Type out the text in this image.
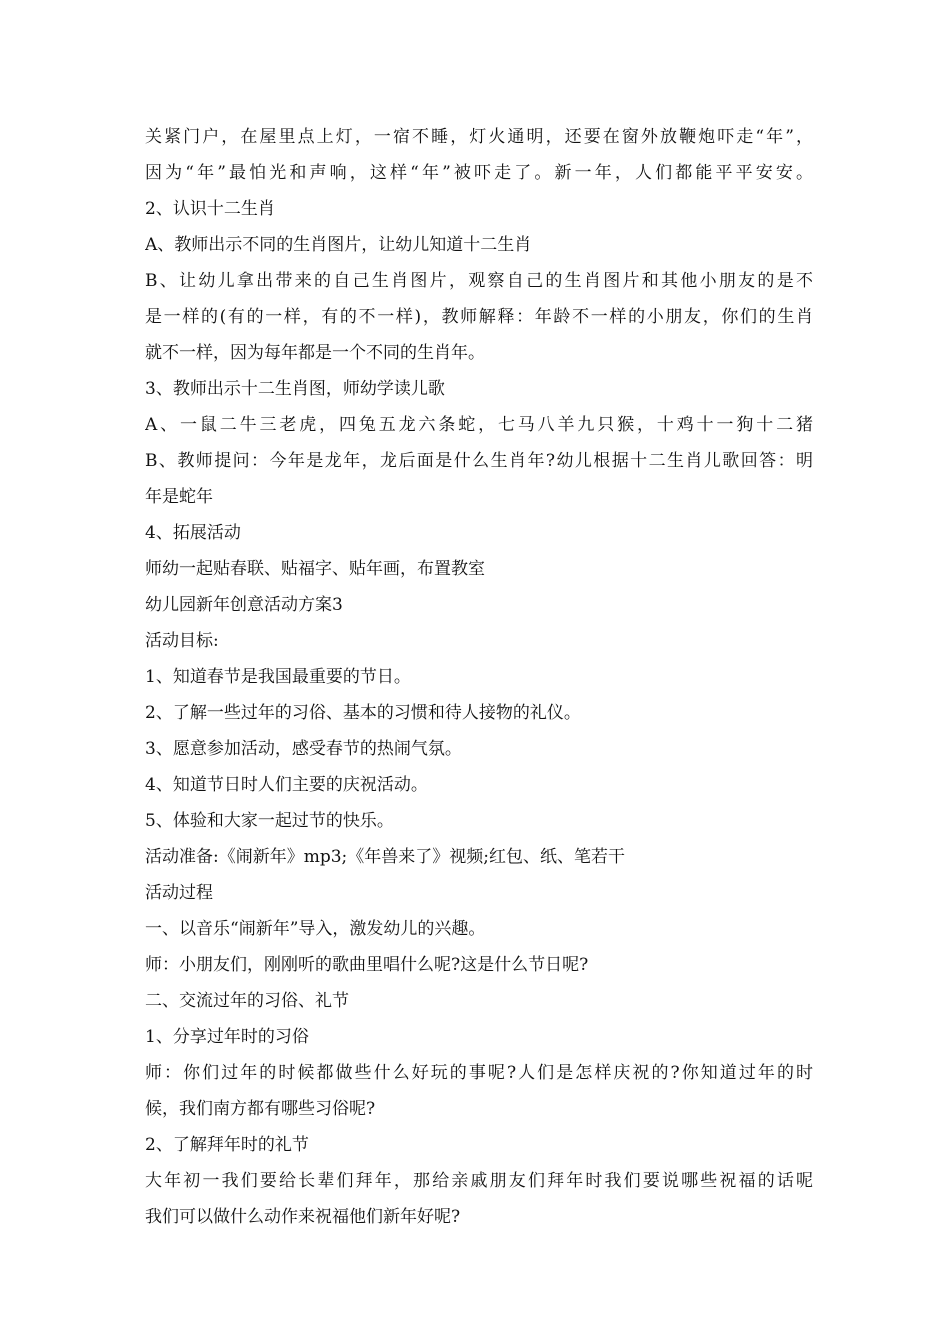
关紧门户，在屋里点上灯，一宿不睡，灯火通明，还要在窗外放鞭炮吓走“年”，
因为“年”最怕光和声响，这样“年”被吓走了。新一年，人们都能平平安安。
2、认识十二生肖
A、教师出示不同的生肖图片，让幼儿知道十二生肖
B、让幼儿拿出带来的自己生肖图片，观察自己的生肖图片和其他小朋友的是不
是一样的(有的一样，有的不一样)，教师解释：年龄不一样的小朋友，你们的生肖
就不一样，因为每年都是一个不同的生肖年。
3、教师出示十二生肖图，师幼学读儿歌
A、一鼠二牛三老虎，四兔五龙六条蛇，七马八羊九只猴，十鸡十一狗十二猪
B、教师提问：今年是龙年，龙后面是什么生肖年?幼儿根据十二生肖儿歌回答：明
年是蛇年
4、拓展活动
师幼一起贴春联、贴福字、贴年画，布置教室
幼儿园新年创意活动方案3
活动目标:
1、知道春节是我国最重要的节日。
2、了解一些过年的习俗、基本的习惯和待人接物的礼仪。
3、愿意参加活动，感受春节的热闹气氛。
4、知道节日时人们主要的庆祝活动。
5、体验和大家一起过节的快乐。
活动准备:《闹新年》mp3;《年兽来了》视频;红包、纸、笔若干
活动过程
一、以音乐“闹新年”导入，激发幼儿的兴趣。
师：小朋友们，刚刚听的歌曲里唱什么呢?这是什么节日呢?
二、交流过年的习俗、礼节
1、分享过年时的习俗
师：你们过年的时候都做些什么好玩的事呢?人们是怎样庆祝的?你知道过年的时
候，我们南方都有哪些习俗呢?
2、了解拜年时的礼节
大年初一我们要给长辈们拜年，那给亲戚朋友们拜年时我们要说哪些祝福的话呢
我们可以做什么动作来祝福他们新年好呢?
